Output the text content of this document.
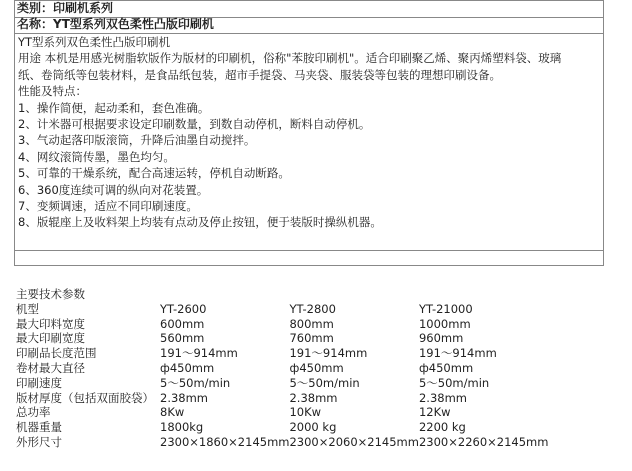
类别：印刷机系列
名称：YT型系列双色柔性凸版印刷机

YT型系列双色柔性凸版印刷机

用途 本机是用感光树脂软版作为版材的印刷机，俗称"苯胺印刷机"。适合印刷聚乙烯、聚丙烯塑料袋、玻璃

纸、卷筒纸等包装材料，是食品纸包装，超市手提袋、马夹袋、服装袋等包装的理想印刷设备。

性能及特点：

1、操作简便，起动柔和，套色准确。

2、计米器可根据要求设定印刷数量，到数自动停机，断料自动停机。

3、气动起落印版滚筒，升降后油墨自动搅拌。

4、网纹滚筒传墨，墨色均匀。

5、可靠的干燥系统，配合高速运转，停机自动断路。

6、360度连续可调的纵向对花装置。

7、变频调速，适应不同印刷速度。

8、版辊座上及收料架上均装有点动及停止按钮，便于装版时操纵机器。

主要技术参数

机型	YT-2600	YT-2800	YT-21000
最大印料宽度	600mm	800mm	1000mm
最大印刷宽度	560mm	760mm	960mm
印刷品长度范围	191～914mm	191～914mm	191～914mm
卷材最大直径	ф450mm	ф450mm	ф450mm
印刷速度	5～50m/min	5～50m/min	5～50m/min
版材厚度（包括双面胶袋）	2.38mm	2.38mm	2.38mm
总功率	8Kw	10Kw	12Kw
机器重量	1800kg	2000 kg	2200 kg
外形尺寸	2300×1860×2145mm	2300×2060×2145mm	2300×2260×2145mm
